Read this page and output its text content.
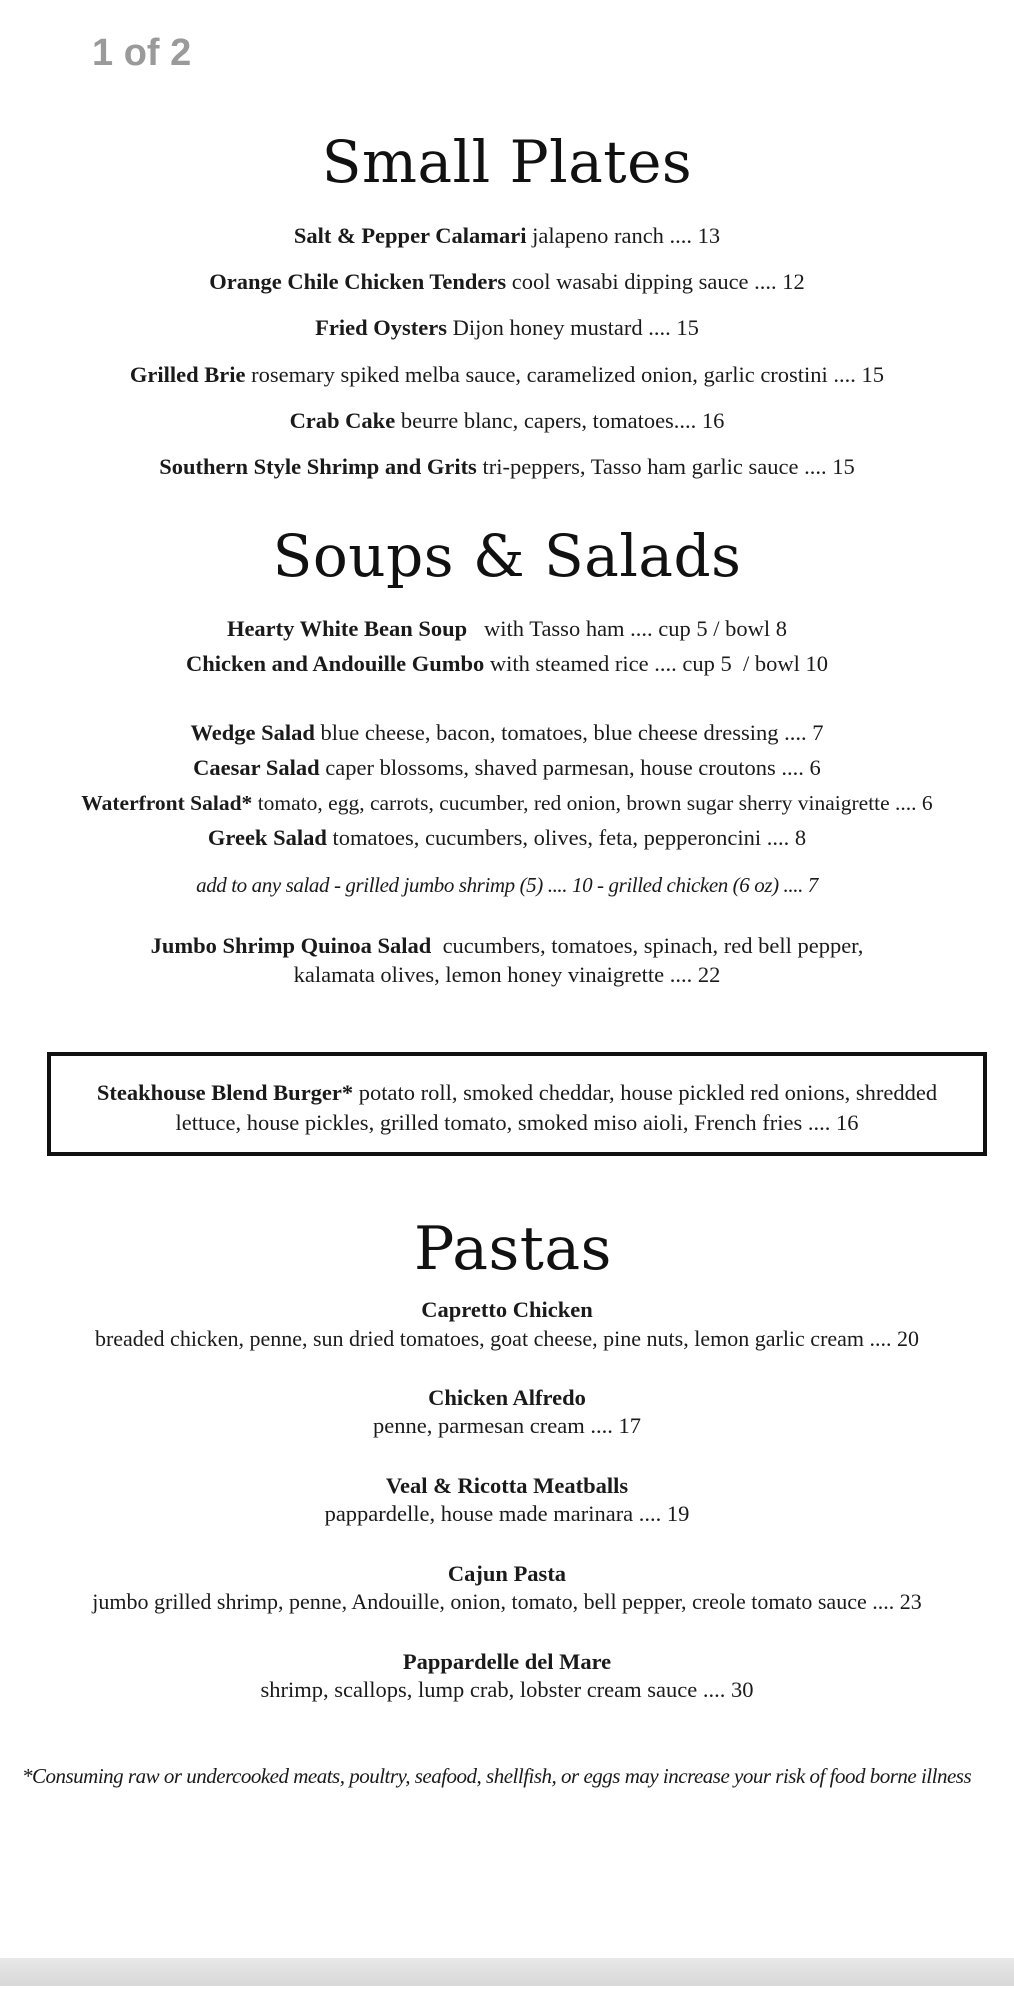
1 of 2
Small Plates
Salt & Pepper Calamari jalapeno ranch .... 13
Orange Chile Chicken Tenders cool wasabi dipping sauce .... 12
Fried Oysters Dijon honey mustard .... 15
Grilled Brie rosemary spiked melba sauce, caramelized onion, garlic crostini .... 15
Crab Cake beurre blanc, capers, tomatoes.... 16
Southern Style Shrimp and Grits tri-peppers, Tasso ham garlic sauce .... 15
Soups & Salads
Hearty White Bean Soup   with Tasso ham .... cup 5 / bowl 8
Chicken and Andouille Gumbo with steamed rice .... cup 5  / bowl 10
Wedge Salad blue cheese, bacon, tomatoes, blue cheese dressing .... 7
Caesar Salad caper blossoms, shaved parmesan, house croutons .... 6
Waterfront Salad* tomato, egg, carrots, cucumber, red onion, brown sugar sherry vinaigrette .... 6
Greek Salad tomatoes, cucumbers, olives, feta, pepperoncini .... 8
add to any salad - grilled jumbo shrimp (5) .... 10 - grilled chicken (6 oz) .... 7
Jumbo Shrimp Quinoa Salad  cucumbers, tomatoes, spinach, red bell pepper,
kalamata olives, lemon honey vinaigrette .... 22
Steakhouse Blend Burger* potato roll, smoked cheddar, house pickled red onions, shredded
lettuce, house pickles, grilled tomato, smoked miso aioli, French fries .... 16
Pastas
Capretto Chicken
breaded chicken, penne, sun dried tomatoes, goat cheese, pine nuts, lemon garlic cream .... 20
Chicken Alfredo
penne, parmesan cream .... 17
Veal & Ricotta Meatballs
pappardelle, house made marinara .... 19
Cajun Pasta
jumbo grilled shrimp, penne, Andouille, onion, tomato, bell pepper, creole tomato sauce .... 23
Pappardelle del Mare
shrimp, scallops, lump crab, lobster cream sauce .... 30
*Consuming raw or undercooked meats, poultry, seafood, shellfish, or eggs may increase your risk of food borne illness
